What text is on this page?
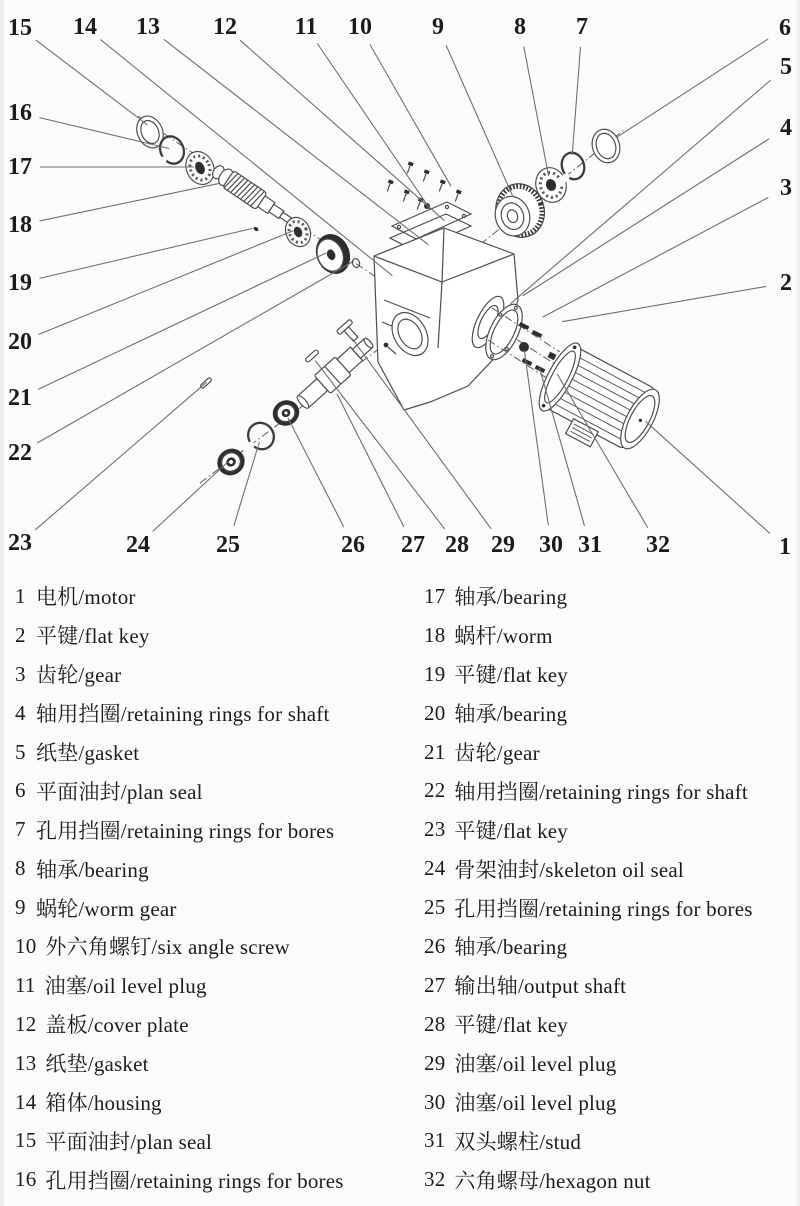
1
2
3
4
5
6
7
8
9
10
11
12
13
14
15
16
17
18
19
20
21
22
23	24	25	26 27 28 29 30 31 32
1 电机/motor
2 平键/flat key
3 齿轮/gear
4 轴用挡圈/retaining rings for shaft
5 纸垫/gasket
6 平面油封/plan seal
7 孔用挡圈/retaining rings for bores
8 轴承/bearing
9 蜗轮/worm gear
10 外六角螺钉/six angle screw
11 油塞/oil level plug
12 盖板/cover plate
13 纸垫/gasket
14 箱体/housing
15 平面油封/plan seal
16 孔用挡圈/retaining rings for bores
17 轴承/bearing
18 蜗杆/worm
19 平键/flat key
20 轴承/bearing
21 齿轮/gear
22 轴用挡圈/retaining rings for shaft
23 平键/flat key
24 骨架油封/skeleton oil seal
25 孔用挡圈/retaining rings for bores
26 轴承/bearing
27 输出轴/output shaft
28 平键/flat key
29 油塞/oil level plug
30 油塞/oil level plug
31 双头螺柱/stud
32 六角螺母/hexagon nut
